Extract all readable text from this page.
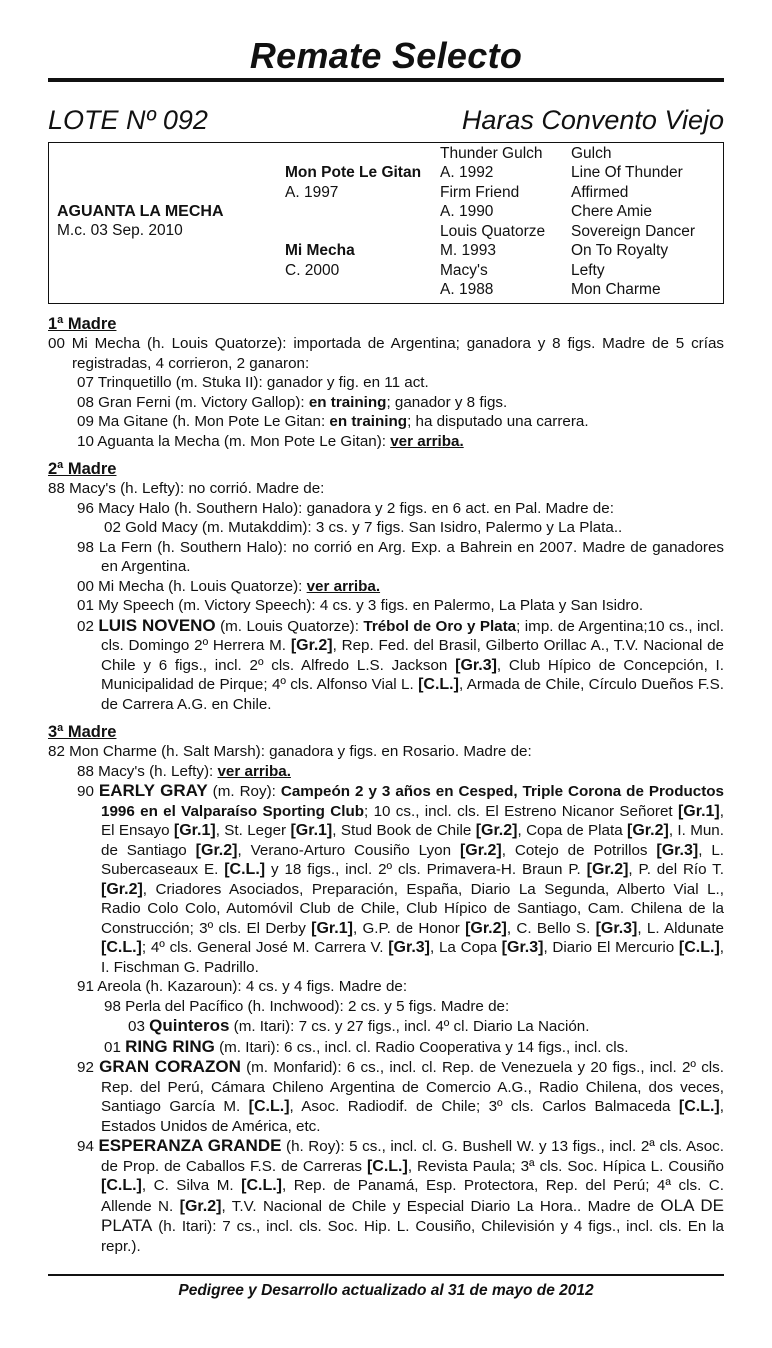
Remate Selecto
LOTE Nº 092	Haras Convento Viejo
AGUANTA LA MECHA
M.c. 03 Sep. 2010
Mon Pote Le Gitan
A. 1997
Mi Mecha
C. 2000
Thunder Gulch
A. 1992
Firm Friend
A. 1990
Louis Quatorze
M. 1993
Macy's
A. 1988
Gulch
Line Of Thunder
Affirmed
Chere Amie
Sovereign Dancer
On To Royalty
Lefty
Mon Charme
1ª Madre
00 Mi Mecha (h. Louis Quatorze): importada de Argentina; ganadora y 8 figs. Madre de 5 crías registradas, 4 corrieron, 2 ganaron:
07 Trinquetillo (m. Stuka II): ganador y fig. en 11 act.
08 Gran Ferni (m. Victory Gallop): en training; ganador y 8 figs.
09 Ma Gitane (h. Mon Pote Le Gitan: en training; ha disputado una carrera.
10 Aguanta la Mecha (m. Mon Pote Le Gitan): ver arriba.
2ª Madre
88 Macy's (h. Lefty): no corrió. Madre de:
96 Macy Halo (h. Southern Halo): ganadora y 2 figs. en 6 act. en Pal. Madre de:
02 Gold Macy (m. Mutakddim): 3 cs. y 7 figs. San Isidro, Palermo y La Plata..
98 La Fern (h. Southern Halo): no corrió en Arg. Exp. a Bahrein en 2007. Madre de ganadores en Argentina.
00 Mi Mecha (h. Louis Quatorze): ver arriba.
01 My Speech (m. Victory Speech): 4 cs. y 3 figs. en Palermo, La Plata y San Isidro.
02 LUIS NOVENO (m. Louis Quatorze): Trébol de Oro y Plata; imp. de Argentina;10 cs., incl. cls. Domingo 2º Herrera M. [Gr.2], Rep. Fed. del Brasil, Gilberto Orillac A., T.V. Nacional de Chile y 6 figs., incl. 2º cls. Alfredo L.S. Jackson [Gr.3], Club Hípico de Concepción, I. Municipalidad de Pirque; 4º cls. Alfonso Vial L. [C.L.], Armada de Chile, Círculo Dueños F.S. de Carrera A.G. en Chile.
3ª Madre
82 Mon Charme (h. Salt Marsh): ganadora y figs. en Rosario. Madre de:
88 Macy's (h. Lefty): ver arriba.
90 EARLY GRAY (m. Roy): Campeón 2 y 3 años en Cesped, Triple Corona de Productos 1996 en el Valparaíso Sporting Club; 10 cs., incl. cls. El Estreno Nicanor Señoret [Gr.1], El Ensayo [Gr.1], St. Leger [Gr.1], Stud Book de Chile [Gr.2], Copa de Plata [Gr.2], I. Mun. de Santiago [Gr.2], Verano-Arturo Cousiño Lyon [Gr.2], Cotejo de Potrillos [Gr.3], L. Subercaseaux E. [C.L.] y 18 figs., incl. 2º cls. Primavera-H. Braun P. [Gr.2], P. del Río T. [Gr.2], Criadores Asociados, Preparación, España, Diario La Segunda, Alberto Vial L., Radio Colo Colo, Automóvil Club de Chile, Club Hípico de Santiago, Cam. Chilena de la Construcción; 3º cls. El Derby [Gr.1], G.P. de Honor [Gr.2], C. Bello S. [Gr.3], L. Aldunate [C.L.]; 4º cls. General José M. Carrera V. [Gr.3], La Copa [Gr.3], Diario El Mercurio [C.L.], I. Fischman G. Padrillo.
91 Areola (h. Kazaroun): 4 cs. y 4 figs. Madre de:
98 Perla del Pacífico (h. Inchwood): 2 cs. y 5 figs. Madre de:
03 Quinteros (m. Itari): 7 cs. y 27 figs., incl. 4º cl. Diario La Nación.
01 RING RING (m. Itari): 6 cs., incl. cl. Radio Cooperativa y 14 figs., incl. cls.
92 GRAN CORAZON (m. Monfarid): 6 cs., incl. cl. Rep. de Venezuela y 20 figs., incl. 2º cls. Rep. del Perú, Cámara Chileno Argentina de Comercio A.G., Radio Chilena, dos veces, Santiago García M. [C.L.], Asoc. Radiodif. de Chile; 3º cls. Carlos Balmaceda [C.L.], Estados Unidos de América, etc.
94 ESPERANZA GRANDE (h. Roy): 5 cs., incl. cl. G. Bushell W. y 13 figs., incl. 2ª cls. Asoc. de Prop. de Caballos F.S. de Carreras [C.L.], Revista Paula; 3ª cls. Soc. Hípica L. Cousiño [C.L.], C. Silva M. [C.L.], Rep. de Panamá, Esp. Protectora, Rep. del Perú; 4ª cls. C. Allende N. [Gr.2], T.V. Nacional de Chile y Especial Diario La Hora.. Madre de OLA DE PLATA (h. Itari): 7 cs., incl. cls. Soc. Hip. L. Cousiño, Chilevisión y 4 figs., incl. cls. En la repr.).
Pedigree y Desarrollo actualizado al 31 de mayo de 2012
